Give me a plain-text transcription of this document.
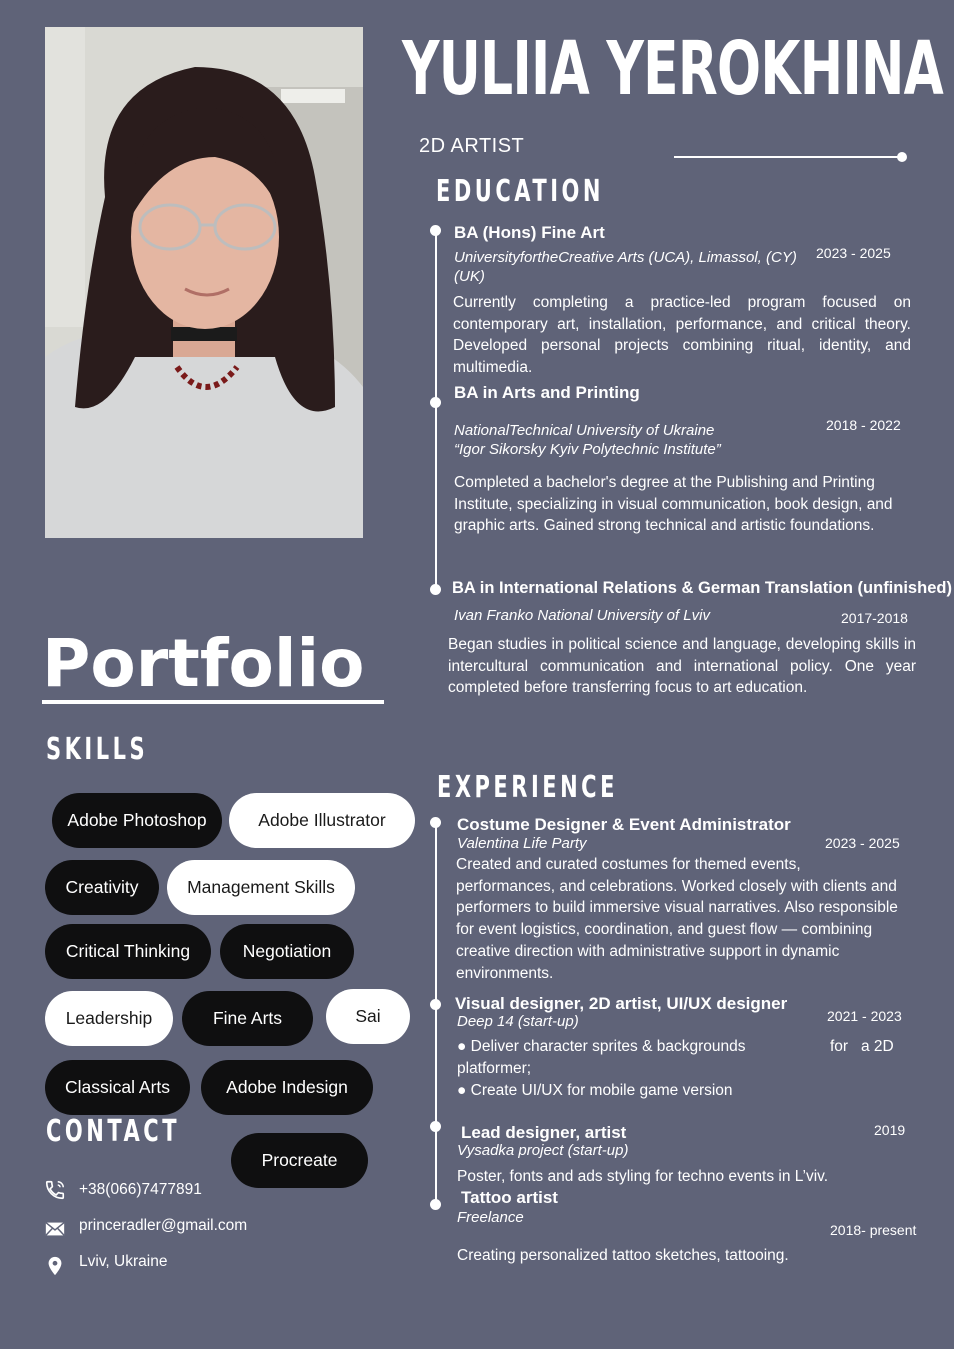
YULIIA YEROKHINA
2D ARTIST
EDUCATION
BA (Hons) Fine Art
UniversityfortheCreative Arts (UCA), Limassol, (CY) (UK)
2023 - 2025
Currently completing a practice-led program focused on contemporary art, installation, performance, and critical theory. Developed personal projects combining ritual, identity, and multimedia.
BA in Arts and Printing
NationalTechnical University of Ukraine
“Igor Sikorsky Kyiv Polytechnic Institute”
2018 - 2022
Completed a bachelor's degree at the Publishing and Printing Institute, specializing in visual communication, book design, and graphic arts. Gained strong technical and artistic foundations.
BA in International Relations & German Translation (unfinished)
Ivan Franko National University of Lviv	2017-2018
Began studies in political science and language, developing skills in intercultural communication and international policy. One year completed before transferring focus to art education.
Portfolio
SKILLS
Adobe Photoshop	Adobe Illustrator
Creativity	Management Skills
Critical Thinking	Negotiation
Leadership	Fine Arts	Sai
Classical Arts	Adobe Indesign
Procreate
CONTACT
+38(066)7477891
princeradler@gmail.com
Lviv, Ukraine
EXPERIENCE
Costume Designer & Event Administrator
Valentina Life Party	2023 - 2025
Created and curated costumes for themed events, performances, and celebrations. Worked closely with clients and performers to build immersive visual narratives. Also responsible for event logistics, coordination, and guest flow — combining creative direction with administrative support in dynamic environments.
Visual designer, 2D artist, UI/UX designer
Deep 14 (start-up)	2021 - 2023
● Deliver character sprites & backgrounds	for   a 2D
platformer;
● Create UI/UX for mobile game version
Lead designer, artist
Vysadka project (start-up)
2019
Poster, fonts and ads styling for techno events in L’viv.
Tattoo artist
Freelance
2018- present
Creating personalized tattoo sketches, tattooing.
